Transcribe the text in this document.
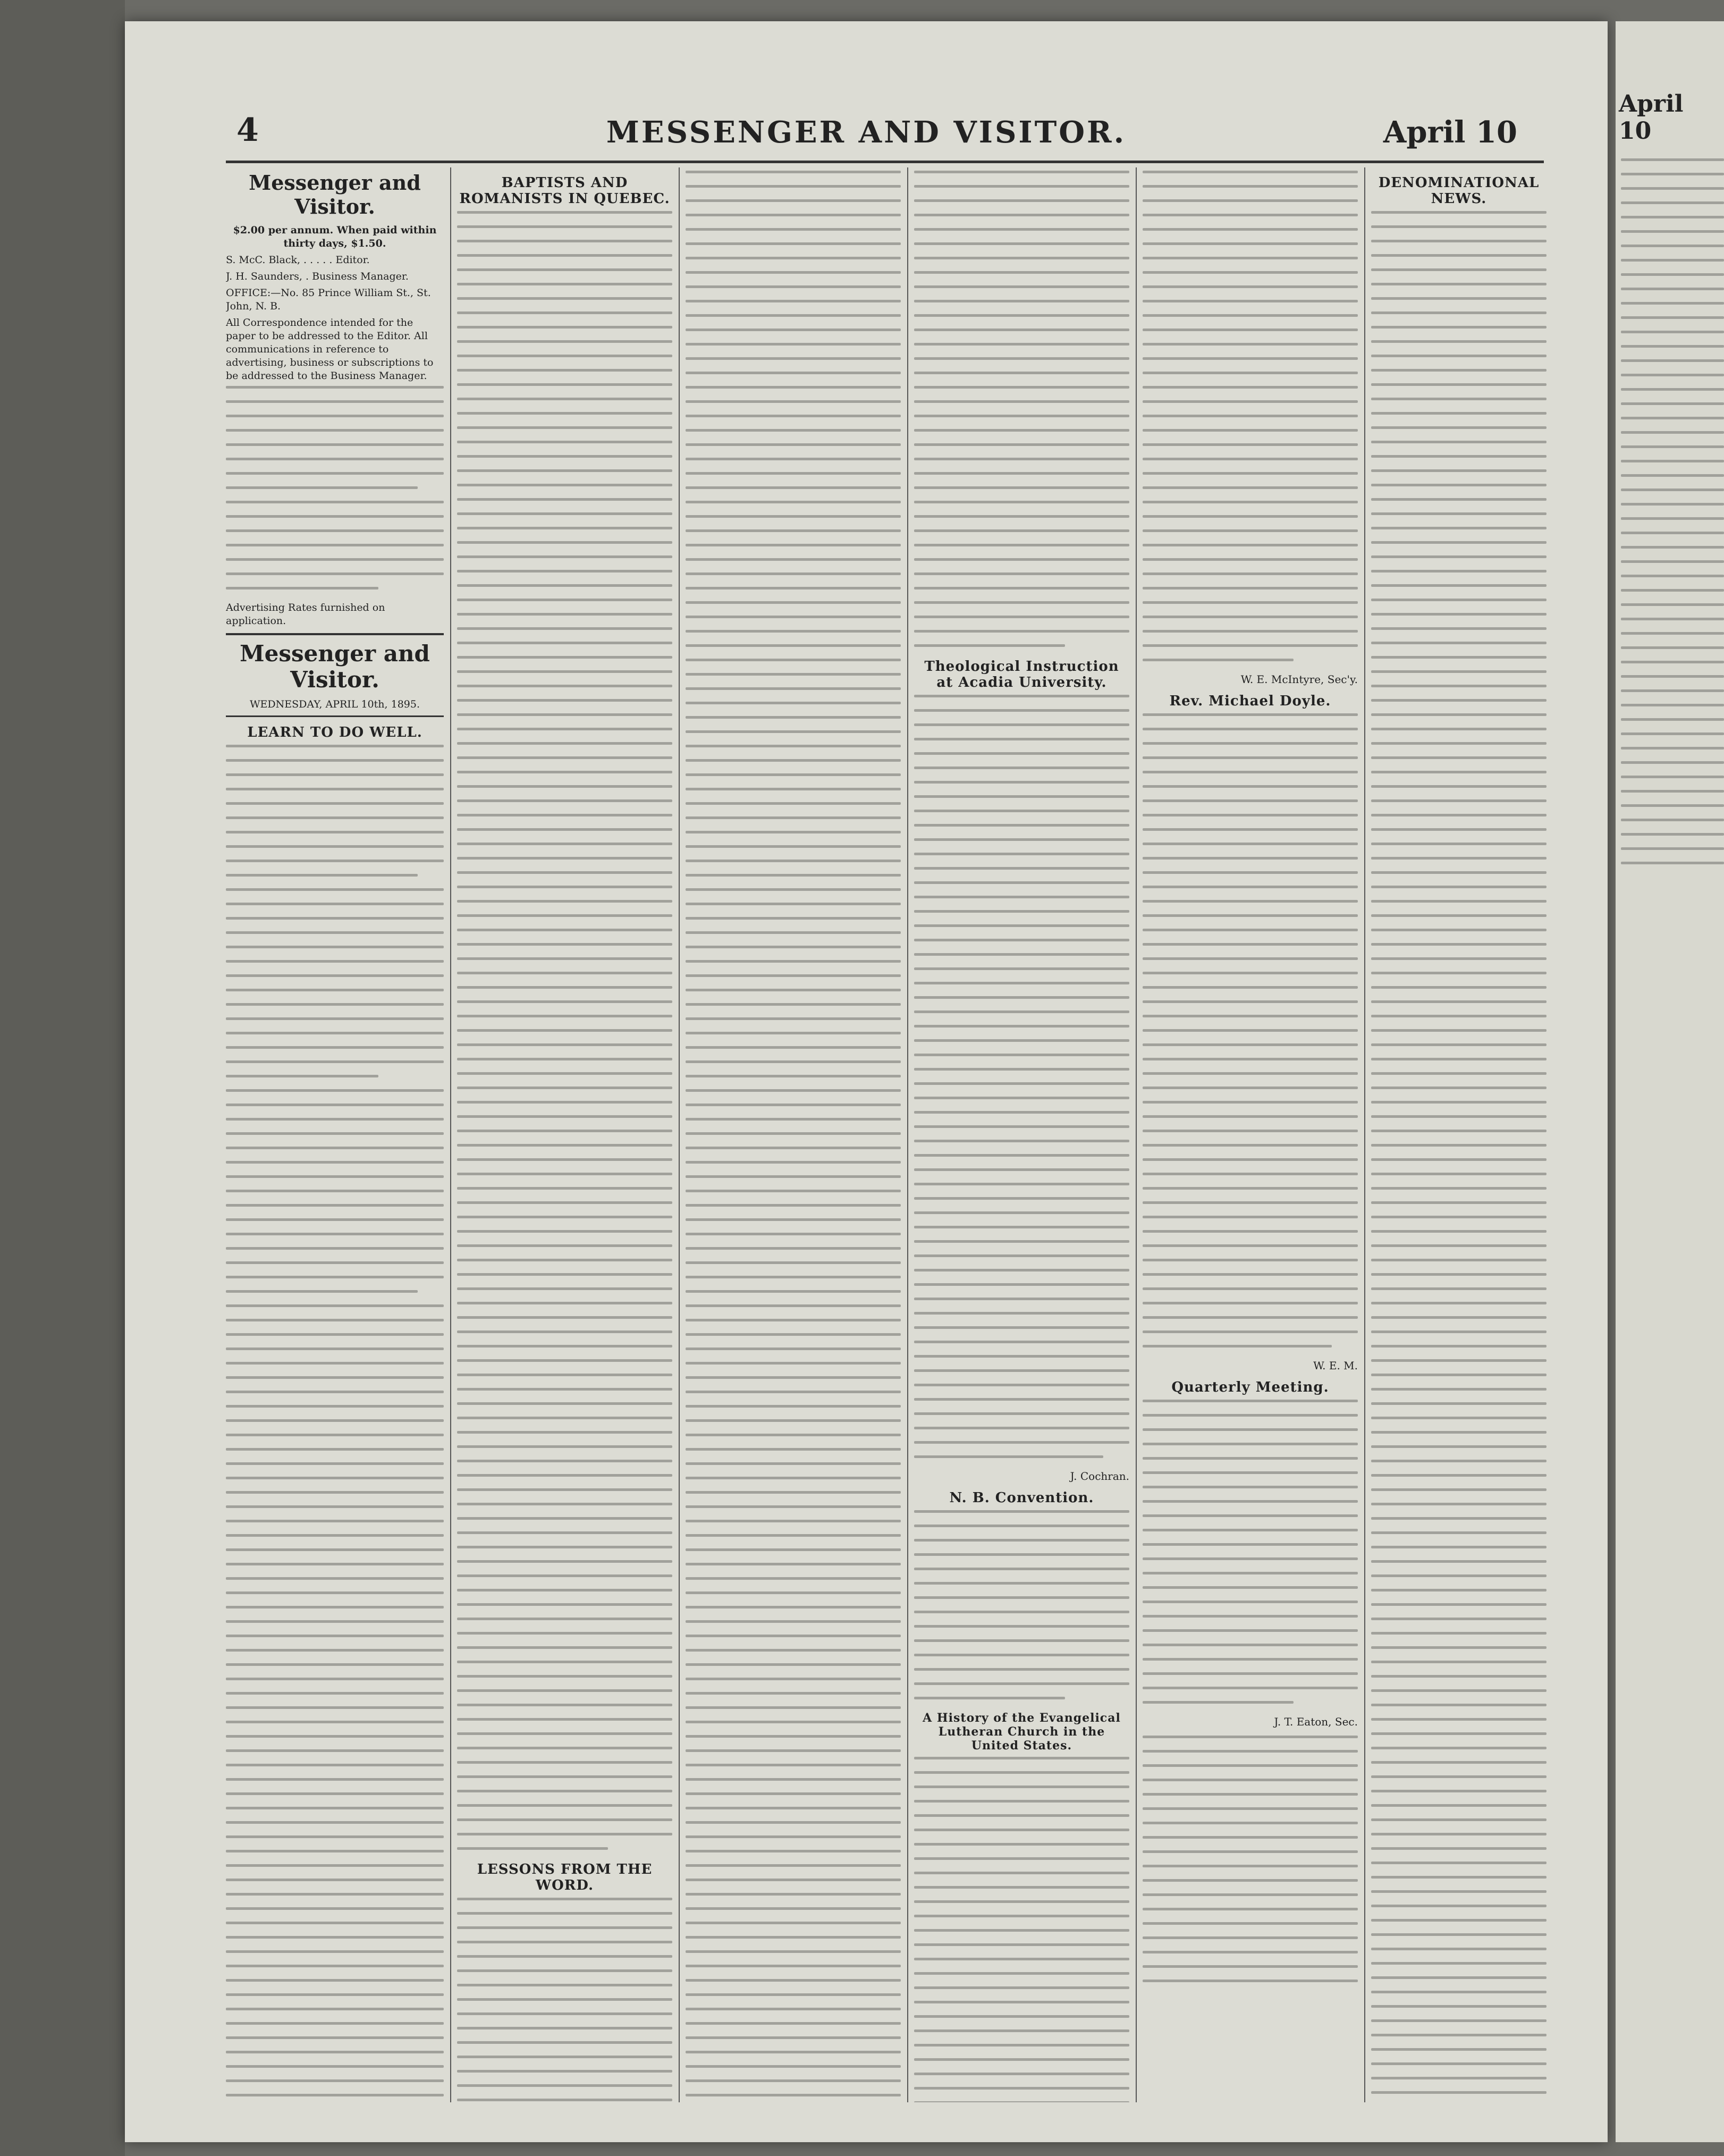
4	MESSENGER AND VISITOR.	April 10
Messenger and Visitor.
$2.00 per annum. When paid within thirty days, $1.50.
S. McC. Black, . . . . . Editor.
J. H. Saunders, . Business Manager.
OFFICE:—No. 85 Prince William St., St. John, N. B.
All Correspondence intended for the paper to be addressed to the Editor. All communications in reference to advertising, business or subscriptions to be addressed to the Business Manager.
Advertising Rates furnished on application.
Messenger and Visitor.
WEDNESDAY, APRIL 10th, 1895.
LEARN TO DO WELL.
BAPTISTS AND ROMANISTS IN QUEBEC.
LESSONS FROM THE WORD.
Theological Instruction at Acadia University.
J. Cochran.
N. B. Convention.
A History of the Evangelical Lutheran Church in the United States.
W. E. McIntyre, Sec'y.
Rev. Michael Doyle.
W. E. M.
Quarterly Meeting.
J. T. Eaton, Sec.
DENOMINATIONAL NEWS.
April 10
